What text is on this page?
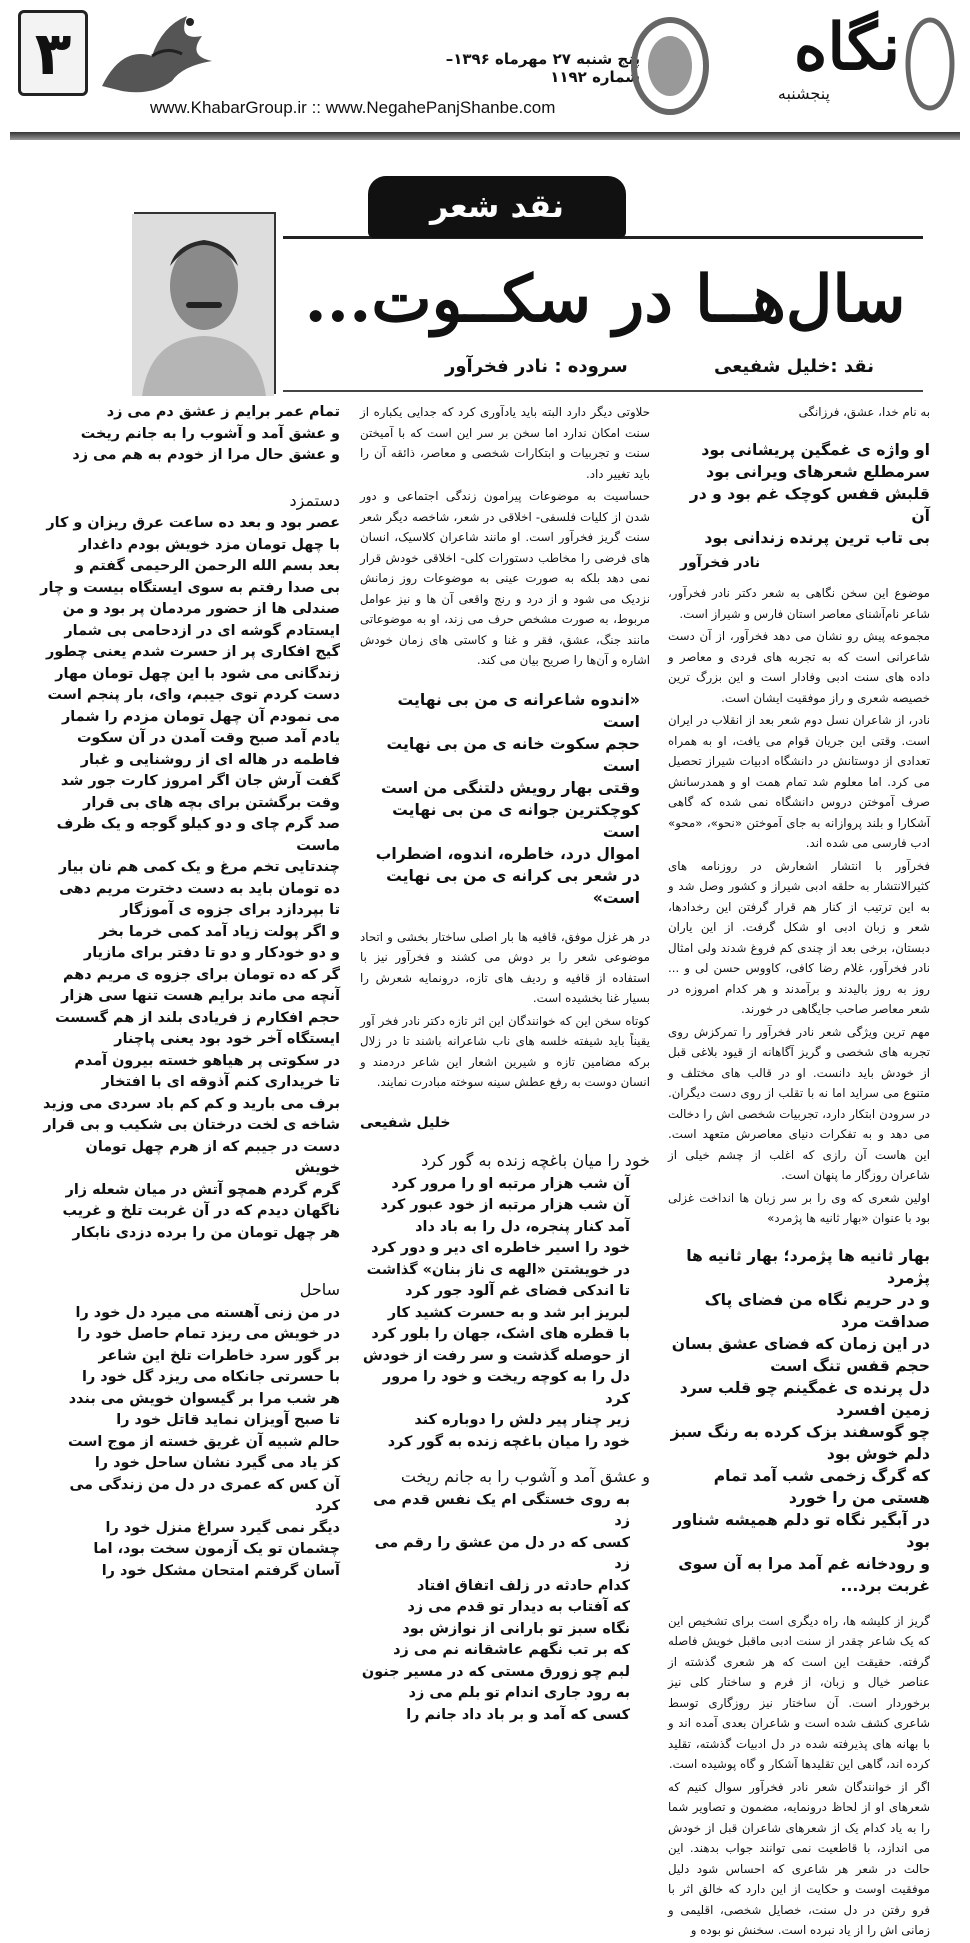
۳	پنج شنبه ۲۷ مهرماه ۱۳۹۶– شماره ۱۱۹۲
www.KhabarGroup.ir :: www.NegahePanjShanbe.com
نگاه
پنجشنبه
نقد شعر
سال‌هــا در سکــوت...
نقد :خلیل شفیعی
سروده : نادر فخرآور

به نام خدا، عشق، فرزانگی

او واژه ی غمگین پریشانی بود
سرمطلع شعرهای ویرانی بود
قلبش قفس کوچک غم بود و در آن
بی تاب ترین پرنده زندانی بود
نادر فخرآور

موضوع این سخن نگاهی به شعر دکتر نادر فخرآور، شاعر نام‌آشنای معاصر استان فارس و شیراز است.

مجموعه پیش رو نشان می دهد فخرآور، از آن دست شاعرانی است که به تجربه های فردی و معاصر و داده های سنت ادبی وفادار است و این بزرگ ترین خصیصه شعری و راز موفقیت ایشان است.

نادر، از شاعران نسل دوم شعر بعد از انقلاب در ایران است. وقتی این جریان قوام می یافت، او به همراه تعدادی از دوستانش در دانشگاه ادبیات شیراز تحصیل می کرد. اما معلوم شد تمام همت او و همدرسانش صرف آموختن دروس دانشگاه نمی شده که گاهی آشکارا و بلند پروازانه به جای آموختن «نحو»، «محو» ادب فارسی می شده اند.

فخرآور با انتشار اشعارش در روزنامه های کثیرالانتشار به حلقه ادبی شیراز و کشور وصل شد و به این ترتیب از کنار هم قرار گرفتن این رخدادها، شعر و زبان ادبی او شکل گرفت. از این یاران دبستان، برخی بعد از چندی کم فروغ شدند ولی امثال نادر فخرآور، غلام رضا کافی، کاووس حسن لی و ... روز به روز بالیدند و برآمدند و هر کدام امروزه در شعر معاصر صاحب جایگاهی در خورند.

مهم ترین ویژگی شعر نادر فخرآور را تمرکزش روی تجربه های شخصی و گریز آگاهانه از قیود بلاغی قبل از خودش باید دانست. او در قالب های مختلف و متنوع می سراید اما نه با تقلب از روی دست دیگران. در سرودن ابتکار دارد، تجربیات شخصی اش را دخالت می دهد و به تفکرات دنیای معاصرش متعهد است. این هاست آن رازی که اغلب از چشم خیلی از شاعران روزگار ما پنهان است.

اولین شعری که وی را بر سر زبان ها انداخت غزلی بود با عنوان «بهار ثانیه ها پژمرد»

بهار ثانیه ها پژمرد؛ بهار ثانیه ها پژمرد
و در حریم نگاه من فضای پاک صداقت مرد
در این زمان که فضای عشق بسان حجم قفس تنگ است
دل پرنده ی غمگینم چو قلب سرد زمین افسرد
چو گوسفند بزک کرده به رنگ سبز دلم خوش بود
که گرگ زخمی شب آمد تمام هستی من را خورد
در آبگیر نگاه تو دلم همیشه شناور بود
و رودخانه غم آمد مرا به آن سوی غربت برد...

گریز از کلیشه ها، راه دیگری است برای تشخیص این که یک شاعر چقدر از سنت ادبی ماقبل خویش فاصله گرفته. حقیقت این است که هر شعری گذشته از عناصر خیال و زبان، از فرم و ساختار کلی نیز برخوردار است. آن ساختار نیز روزگاری توسط شاعری کشف شده است و شاعران بعدی آمده اند و با بهانه های پذیرفته شده در دل ادبیات گذشته، تقلید کرده اند، گاهی این تقلیدها آشکار و گاه پوشیده است.

اگر از خوانندگان شعر نادر فخرآور سوال کنیم که شعرهای او از لحاظ درونمایه، مضمون و تصاویر شما را به یاد کدام یک از شعرهای شاعران قبل از خودش می اندازد، با قاطعیت نمی توانند جواب بدهند. این حالت در شعر هر شاعری که احساس شود دلیل موفقیت اوست و حکایت از این دارد که خالق اثر با فرو رفتن در دل سنت، خصایل شخصی، اقلیمی و زمانی اش را از یاد نبرده است. سخنش نو بوده و

حلاوتی دیگر دارد البته باید یادآوری کرد که جدایی یکباره از سنت امکان ندارد اما سخن بر سر این است که با آمیختن سنت و تجربیات و ابتکارات شخصی و معاصر، ذائقه آن را باید تغییر داد.

حساسیت به موضوعات پیرامون زندگی اجتماعی و دور شدن از کلیات فلسفی- اخلاقی در شعر، شاخصه دیگر شعر سنت گریز فخرآور است. او مانند شاعران کلاسیک، انسان های فرضی را مخاطب دستورات کلی- اخلاقی خودش قرار نمی دهد بلکه به صورت عینی به موضوعات روز زمانش نزدیک می شود و از درد و رنج واقعی آن ها و نیز عوامل مربوط، به صورت مشخص حرف می زند، او به موضوعاتی مانند جنگ، عشق، فقر و غنا و کاستی های زمان خودش اشاره و آن‌ها را صریح بیان می کند.

«اندوه شاعرانه ی من بی نهایت است
حجم سکوت خانه ی من بی نهایت است
وقتی بهار رویش دلتنگی من است
کوچکترین جوانه ی من بی نهایت است
اموال درد، خاطره، اندوه، اضطراب
در شعر بی کرانه ی من بی نهایت است»

در هر غزل موفق، قافیه ها بار اصلی ساختار بخشی و اتحاد موضوعی شعر را بر دوش می کشند و فخرآور نیز با استفاده از قافیه و ردیف های تازه، درونمایه شعرش را بسیار غنا بخشیده است.

کوتاه سخن این که خوانندگان این اثر تازه دکتر نادر فخر آور یقیناً باید شیفته خلسه های ناب شاعرانه باشند تا در زلال برکه مضامین تازه و شیرین اشعار این شاعر دردمند و انسان دوست به رفع عطش سینه سوخته مبادرت نمایند.

خلیل شفیعی
خود را میان باغچه زنده به گور کرد
آن شب هزار مرتبه او را مرور کرد
آن شب هزار مرتبه از خود عبور کرد
آمد کنار پنجره، دل را به باد داد
خود را اسیر خاطره ای دیر و دور کرد
در خویشتن «الهه ی ناز بنان» گذاشت
تا اندکی فضای غم آلود جور کرد
لبریز ابر شد و به حسرت کشید کار
با قطره های اشک، جهان را بلور کرد
از حوصله گذشت و سر رفت از خودش
دل را به کوچه ریخت و خود را مرور کرد
زیر چنار پیر دلش را دوباره کند
خود را میان باغچه زنده به گور کرد
و عشق آمد و آشوب را به جانم ریخت
به روی خستگی ام یک نفس قدم می زد
کسی که در دل من عشق را رقم می زد
کدام حادثه در زلف اتفاق افتاد
که آفتاب به دیدار تو قدم می زد
نگاه سبز تو بارانی از نوازش بود
که بر تب نگهم عاشقانه نم می زد
لبم چو زورق مستی که در مسیر جنون
به رود جاری اندام تو بلم می زد
کسی که آمد و بر باد داد جانم را
تمام عمر برایم ز عشق دم می زد
و عشق آمد و آشوب را به جانم ریخت
و عشق حال مرا از خودم به هم می زد
دستمزد
عصر بود و بعد ده ساعت عرق ریزان و کار
با چهل تومان مزد خویش بودم داغدار
بعد بسم الله الرحمن الرحیمی گفتم و
بی صدا رفتم به سوی ایستگاه بیست و چار
صندلی ها از حضور مردمان پر بود و من
ایستادم گوشه ای در ازدحامی بی شمار
گیج افکاری پر از حسرت شدم یعنی چطور
زندگانی می شود با این چهل تومان مهار
دست کردم توی جیبم، وای، بار پنجم است
می نمودم آن چهل تومان مزدم را شمار
یادم آمد صبح وقت آمدن در آن سکوت
فاطمه در هاله ای از روشنایی و غبار
گفت آرش جان اگر امروز کارت جور شد
وقت برگشتن برای بچه های بی قرار
صد گرم چای و دو کیلو گوجه و یک ظرف ماست
چندتایی تخم مرغ و یک کمی هم نان بیار
ده تومان باید به دست دخترت مریم دهی
تا بپردازد برای جزوه ی آموزگار
و اگر پولت زیاد آمد کمی خرما بخر
و دو خودکار و دو تا دفتر برای مازیار
گر که ده تومان برای جزوه ی مریم دهم
آنچه می ماند برایم هست تنها سی هزار
حجم افکارم ز فریادی بلند از هم گسست
ایستگاه آخر خود بود یعنی پاچنار
در سکوتی پر هیاهو خسته بیرون آمدم
تا خریداری کنم آذوقه ای با افتخار
برف می بارید و کم کم باد سردی می وزید
شاخه ی لخت درختان بی شکیب و بی قرار
دست در جیبم که از هرم چهل تومان خویش
گرم گردم همچو آتش در میان شعله زار
ناگهان دیدم که در آن غربت تلخ و غریب
هر چهل تومان من را برده دزدی نابکار
ساحل
در من زنی آهسته می میرد دل خود را
در خویش می ریزد تمام حاصل خود را
بر گور سرد خاطرات تلخ این شاعر
با حسرتی جانکاه می ریزد گل خود را
هر شب مرا بر گیسوان خویش می بندد
تا صبح آویزان نماید قاتل خود را
حالم شبیه آن غریق خسته از موج است
کز یاد می گیرد نشان ساحل خود را
آن کس که عمری در دل من زندگی می کرد
دیگر نمی گیرد سراغ منزل خود را
چشمان تو یک آزمون سخت بود، اما
آسان گرفتم امتحان مشکل خود را
